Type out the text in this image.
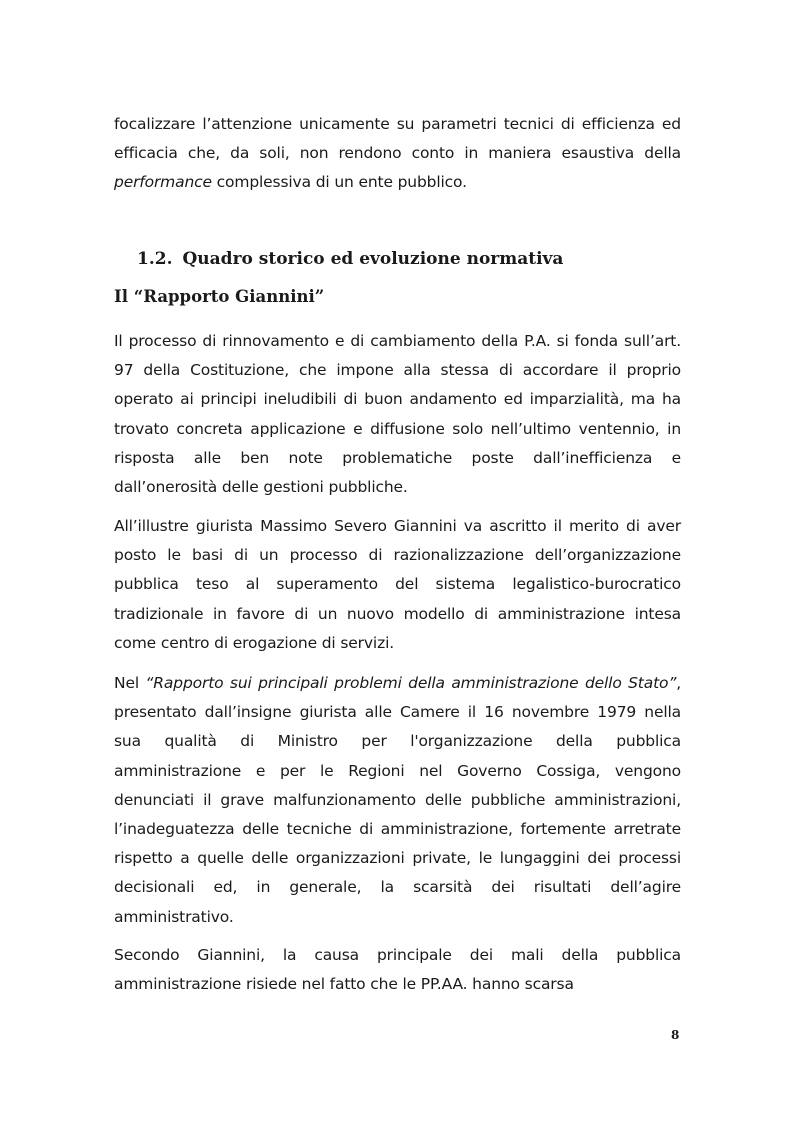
focalizzare l’attenzione unicamente su parametri tecnici di efficienza ed efficacia che, da soli, non rendono conto in maniera esaustiva della performance complessiva di un ente pubblico.

1.2. Quadro storico ed evoluzione normativa
Il “Rapporto Giannini”

Il processo di rinnovamento e di cambiamento della P.A. si fonda sull’art. 97 della Costituzione, che impone alla stessa di accordare il proprio operato ai principi ineludibili di buon andamento ed imparzialità, ma ha trovato concreta applicazione e diffusione solo nell’ultimo ventennio, in risposta alle ben note problematiche poste dall’inefficienza e dall’onerosità delle gestioni pubbliche.

All’illustre giurista Massimo Severo Giannini va ascritto il merito di aver posto le basi di un processo di razionalizzazione dell’organizzazione pubblica teso al superamento del sistema legalistico-burocratico tradizionale in favore di un nuovo modello di amministrazione intesa come centro di erogazione di servizi.

Nel “Rapporto sui principali problemi della amministrazione dello Stato”, presentato dall’insigne giurista alle Camere il 16 novembre 1979 nella sua qualità di Ministro per l'organizzazione della pubblica amministrazione e per le Regioni nel Governo Cossiga, vengono denunciati il grave malfunzionamento delle pubbliche amministrazioni, l’inadeguatezza delle tecniche di amministrazione, fortemente arretrate rispetto a quelle delle organizzazioni private, le lungaggini dei processi decisionali ed, in generale, la scarsità dei risultati dell’agire amministrativo.

Secondo Giannini, la causa principale dei mali della pubblica amministrazione risiede nel fatto che le PP.AA. hanno scarsa

8
